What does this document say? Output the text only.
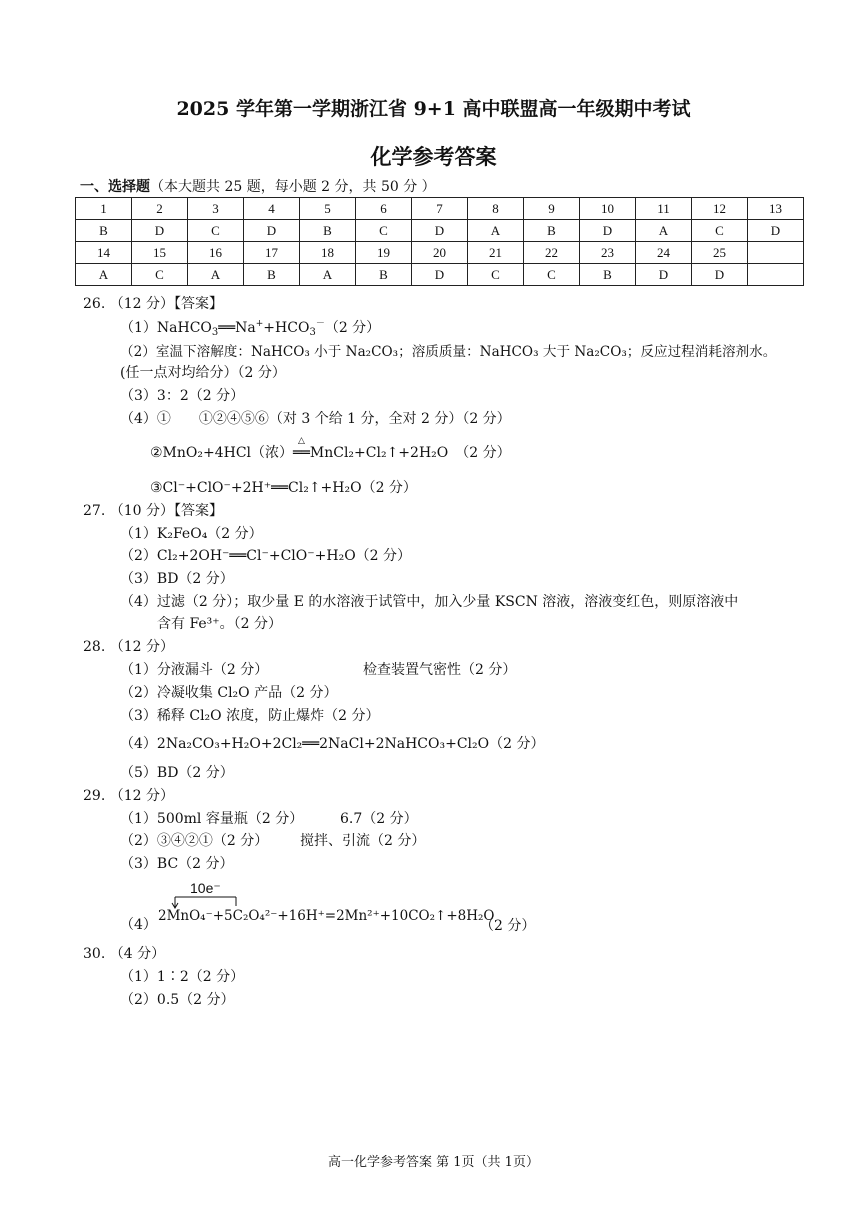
2025 学年第一学期浙江省 9+1 高中联盟高一年级期中考试
化学参考答案
一、选择题（本大题共 25 题，每小题 2 分，共 50 分 ）
1	2	3	4	5	6	7	8	9	10	11	12	13
B	D	C	D	B	C	D	A	B	D	A	C	D
14	15	16	17	18	19	20	21	22	23	24	25	
A	C	A	B	A	B	D	C	C	B	D	D	
26. （12 分）【答案】
$(1)NaHCO_3══Na^++HCO_3^-(2$ 分）
（2）室温下溶解度：NaHCO₃ 小于 Na₂CO₃；溶质质量：NaHCO₃ 大于 Na₂CO₃；反应过程消耗溶剂水。
(任一点对均给分）（2 分）
（3）3：2（2 分）
（4）①　　①②④⑤⑥（对 3 个给 1 分，全对 2 分）（2 分）
②MnO₂+4HCl（浓）
△
══MnCl₂+Cl₂↑+2H₂O　（2 分）
③Cl⁻+ClO⁻+2H⁺══Cl₂↑+H₂O（2 分）
27. （10 分）【答案】
（1）K₂FeO₄（2 分）
（2）Cl₂+2OH⁻══Cl⁻+ClO⁻+H₂O（2 分）
（3）BD（2 分）
（4）过滤（2 分）；取少量 E 的水溶液于试管中，加入少量 KSCN 溶液，溶液变红色，则原溶液中
含有 Fe³⁺。（2 分）
28. （12 分）
（1）分液漏斗（2 分）	检查装置气密性（2 分）
（2）冷凝收集 Cl₂O 产品（2 分）
（3）稀释 Cl₂O 浓度，防止爆炸（2 分）
（4）2Na₂CO₃+H₂O+2Cl₂══2NaCl+2NaHCO₃+Cl₂O（2 分）
（5）BD（2 分）
29. （12 分）
（1）500ml 容量瓶（2 分）	6.7（2 分）
（2）③④②①（2 分） 搅拌、引流（2 分）
（3）BC（2 分）
10e⁻
（4）
2MnO₄⁻+5C₂O₄²⁻+16H⁺=2Mn²⁺+10CO₂↑+8H₂O
（2 分）
30. （4 分）
（1）1∶2（2 分）
（2）0.5（2 分）
高一化学参考答案 第 1页（共 1页）
